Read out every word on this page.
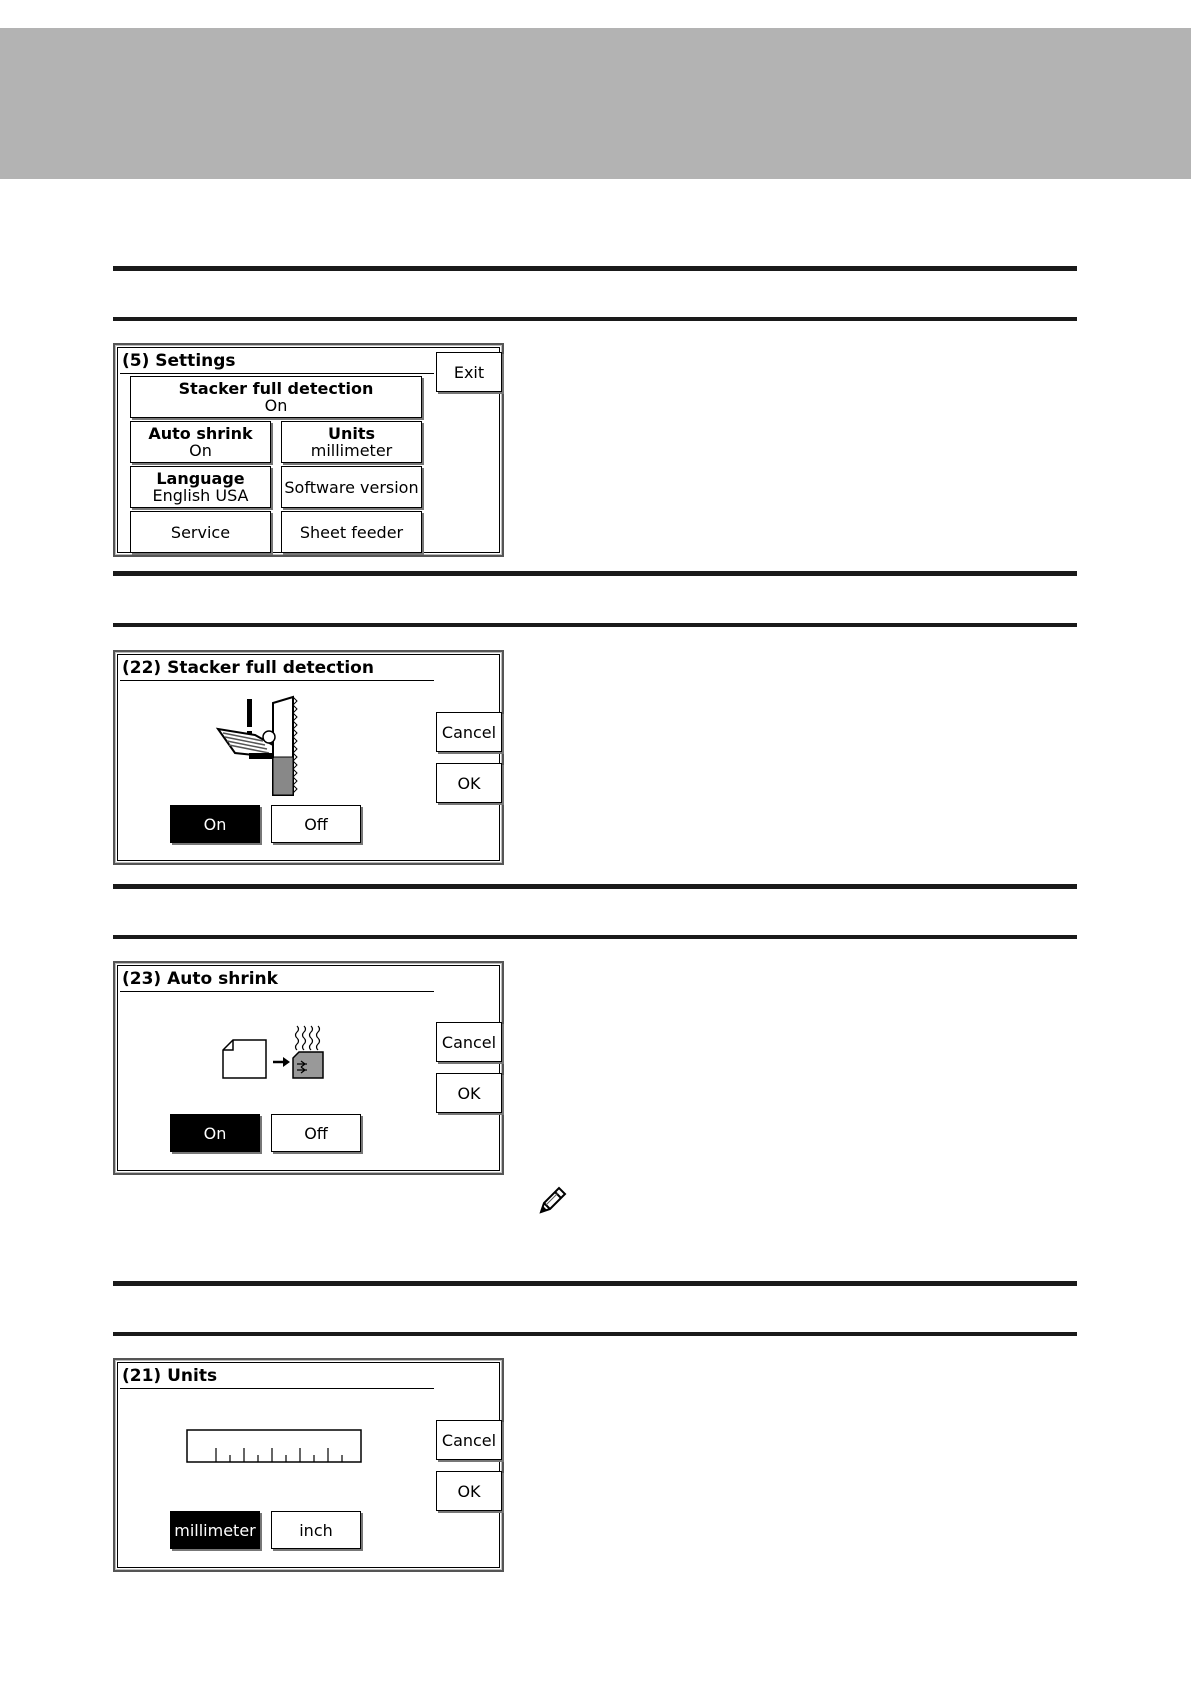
(5) Settings
Stacker full detection
On
Exit
Auto shrink
On
Units
millimeter
Language
English USA Software version
Service	Sheet feeder
(22) Stacker full detection
On	Off
Cancel
OK
(23) Auto shrink
On	Off
Cancel
OK
(21) Units
millimeter	inch
Cancel
OK
